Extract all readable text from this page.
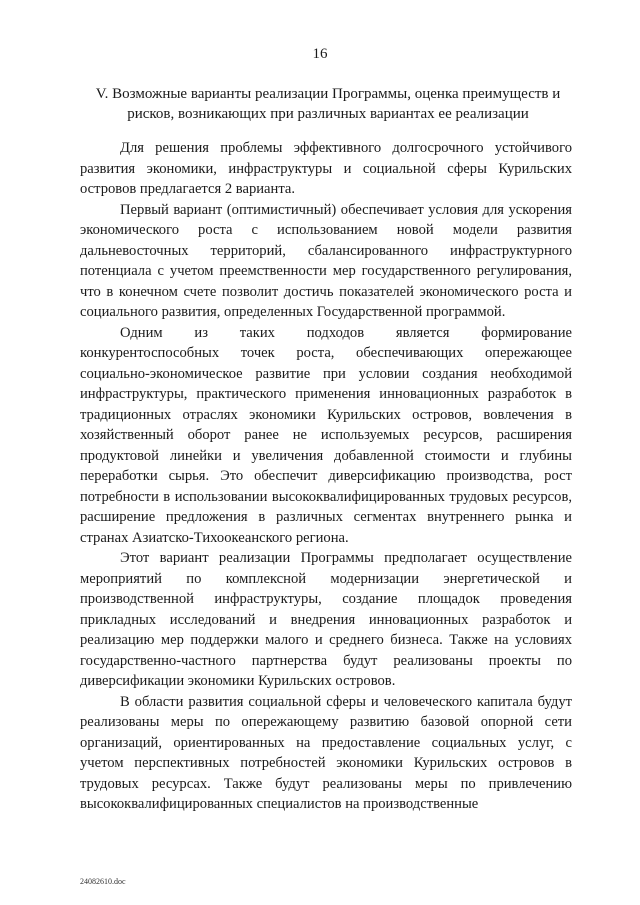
16
V. Возможные варианты реализации Программы, оценка преимуществ и рисков, возникающих при различных вариантах ее реализации

Для решения проблемы эффективного долгосрочного устойчивого развития экономики, инфраструктуры и социальной сферы Курильских островов предлагается 2 варианта.

Первый вариант (оптимистичный) обеспечивает условия для ускорения экономического роста с использованием новой модели развития дальневосточных территорий, сбалансированного инфраструктурного потенциала с учетом преемственности мер государственного регулирования, что в конечном счете позволит достичь показателей экономического роста и социального развития, определенных Государственной программой.

Одним из таких подходов является формирование конкурентоспособных точек роста, обеспечивающих опережающее социально-экономическое развитие при условии создания необходимой инфраструктуры, практического применения инновационных разработок в традиционных отраслях экономики Курильских островов, вовлечения в хозяйственный оборот ранее не используемых ресурсов, расширения продуктовой линейки и увеличения добавленной стоимости и глубины переработки сырья. Это обеспечит диверсификацию производства, рост потребности в использовании высококвалифицированных трудовых ресурсов, расширение предложения в различных сегментах внутреннего рынка и странах Азиатско-Тихоокеанского региона.

Этот вариант реализации Программы предполагает осуществление мероприятий по комплексной модернизации энергетической и производственной инфраструктуры, создание площадок проведения прикладных исследований и внедрения инновационных разработок и реализацию мер поддержки малого и среднего бизнеса. Также на условиях государственно-частного партнерства будут реализованы проекты по диверсификации экономики Курильских островов.

В области развития социальной сферы и человеческого капитала будут реализованы меры по опережающему развитию базовой опорной сети организаций, ориентированных на предоставление социальных услуг, с учетом перспективных потребностей экономики Курильских островов в трудовых ресурсах. Также будут реализованы меры по привлечению высококвалифицированных специалистов на производственные

24082610.doc
